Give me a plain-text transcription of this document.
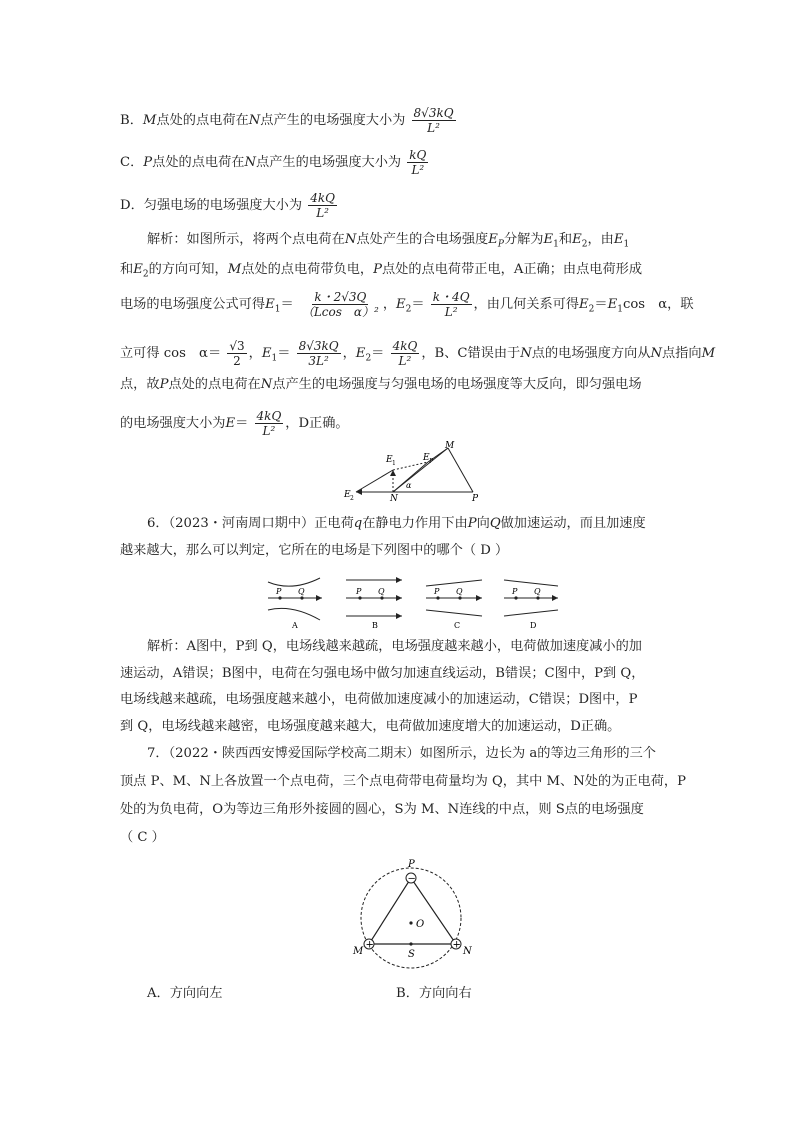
B．M点处的点电荷在N点产生的电场强度大小为 $\frac{8√3kQ}{\text{L²}}$
C．P点处的点电荷在N点产生的电场强度大小为 $\frac{kQ}{\text{L²}}$
D．匀强电场的电场强度大小为 $\frac{4kQ}{\text{L²}}$
解析：如图所示，将两个点电荷在N点处产生的合电场强度$E_P$分解为$E_1$和$E_2$，由$E_1$
和$E_2$的方向可知，M点处的点电荷带负电，P点处的点电荷带正电，A正确；由点电荷形成
电场的电场强度公式可得$E_1= \frac{k・2√3Q}{\text{（Lcos　α）²}}$ ，$E_2= \frac{k・4Q}{\text{L²}}$ ，由几何关系可得$E_2=E_1\cos$　α，联
立可得 cos　$\alpha= \frac{√3}{2}$ ，$E_1= \frac{8√3kQ}{\text{3L²}}$ ，$E_2= \frac{4kQ}{\text{L²}}$ ，B、C错误由于N点的电场强度方向从N点指向M
点，故P点处的点电荷在N点产生的电场强度与匀强电场的电场强度等大反向，即匀强电场
的电场强度大小为$E= \frac{4kQ}{\text{L²}}$ ，D正确。
E 1
E 2
E P
M
N	P
α
6．（2023・河南周口期中）正电荷q在静电力作用下由P向Q做加速运动，而且加速度
越来越大，那么可以判定，它所在的电场是下列图中的哪个（ D ）
P Q
A
P Q
B
P Q
C
P Q
D
解析：A图中，P到 Q，电场线越来越疏，电场强度越来越小，电荷做加速度减小的加
速运动，A错误；B图中，电荷在匀强电场中做匀加速直线运动，B错误；C图中，P到 Q，
电场线越来越疏，电场强度越来越小，电荷做加速度减小的加速运动，C错误；D图中，P
到 Q，电场线越来越密，电场强度越来越大，电荷做加速度增大的加速运动，D正确。
7．（2022・陕西西安博爱国际学校高二期末）如图所示，边长为 a的等边三角形的三个
顶点 P、M、N上各放置一个点电荷，三个点电荷带电荷量均为 Q，其中 M、N处的为正电荷，P
处的为负电荷，O为等边三角形外接圆的圆心，S为 M、N连线的中点，则 S点的电场强度
（ C ）
−
+	+
P
M	N
O
S
A．方向向左	B．方向向右
